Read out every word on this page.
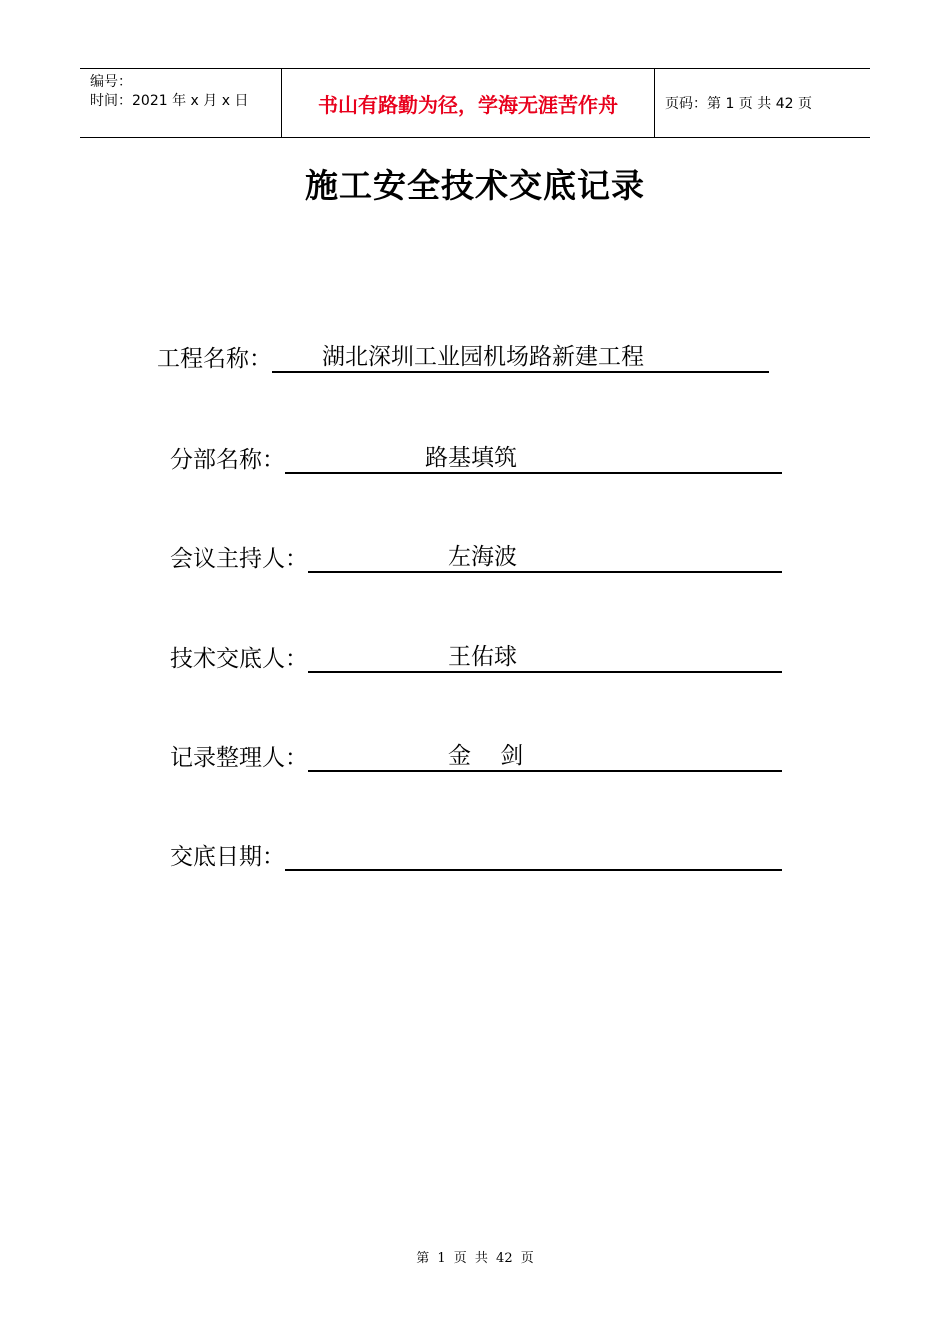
编号：
时间：2021 年 x 月 x 日	书山有路勤为径，学海无涯苦作舟	页码：第 1 页 共 42 页
施工安全技术交底记录
工程名称： 湖北深圳工业园机场路新建工程
分部名称：	路基填筑
会议主持人：	左海波
技术交底人：	王佑球
记录整理人：	金    剑
交底日期：
第 1 页 共 42 页
